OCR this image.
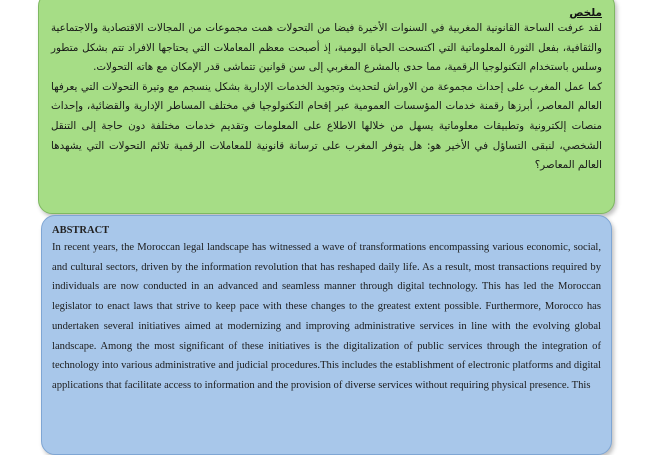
ملخص

لقد عرفت الساحة القانونية المغربية في السنوات الأخيرة فيضا من التحولات همت مجموعات من المجالات الاقتصادية والاجتماعية والثقافية، بفعل الثورة المعلوماتية التي اكتسحت الحياة اليومية، إذ أصبحت معظم المعاملات التي يحتاجها الافراد تتم بشكل متطور وسلس باستخدام التكنولوجيا الرقمية، مما حدى بالمشرع المغربي إلى سن قوانين تتماشى قدر الإمكان مع هاته التحولات.

كما عمل المغرب على إحداث مجموعة من الاوراش لتحديث وتجويد الخدمات الإدارية بشكل ينسجم مع وتيرة التحولات التي يعرفها العالم المعاصر، أبرزها رقمنة خدمات المؤسسات العمومية عبر إقحام التكنولوجيا في مختلف المساطر الإدارية والقضائية، وإحداث منصات إلكترونية وتطبيقات معلوماتية يسهل من خلالها الاطلاع على المعلومات وتقديم خدمات مختلفة دون حاجة إلى التنقل الشخصي، لنبقى التساؤل في الأخير هو: هل يتوفر المغرب على ترسانة قانونية للمعاملات الرقمية تلائم التحولات التي يشهدها العالم المعاصر؟

ABSTRACT

In recent years, the Moroccan legal landscape has witnessed a wave of transformations encompassing various economic, social, and cultural sectors, driven by the information revolution that has reshaped daily life. As a result, most transactions required by individuals are now conducted in an advanced and seamless manner through digital technology. This has led the Moroccan legislator to enact laws that strive to keep pace with these changes to the greatest extent possible. Furthermore, Morocco has undertaken several initiatives aimed at modernizing and improving administrative services in line with the evolving global landscape. Among the most significant of these initiatives is the digitalization of public services through the integration of technology into various administrative and judicial procedures.This includes the establishment of electronic platforms and digital applications that facilitate access to information and the provision of diverse services without requiring physical presence. This
